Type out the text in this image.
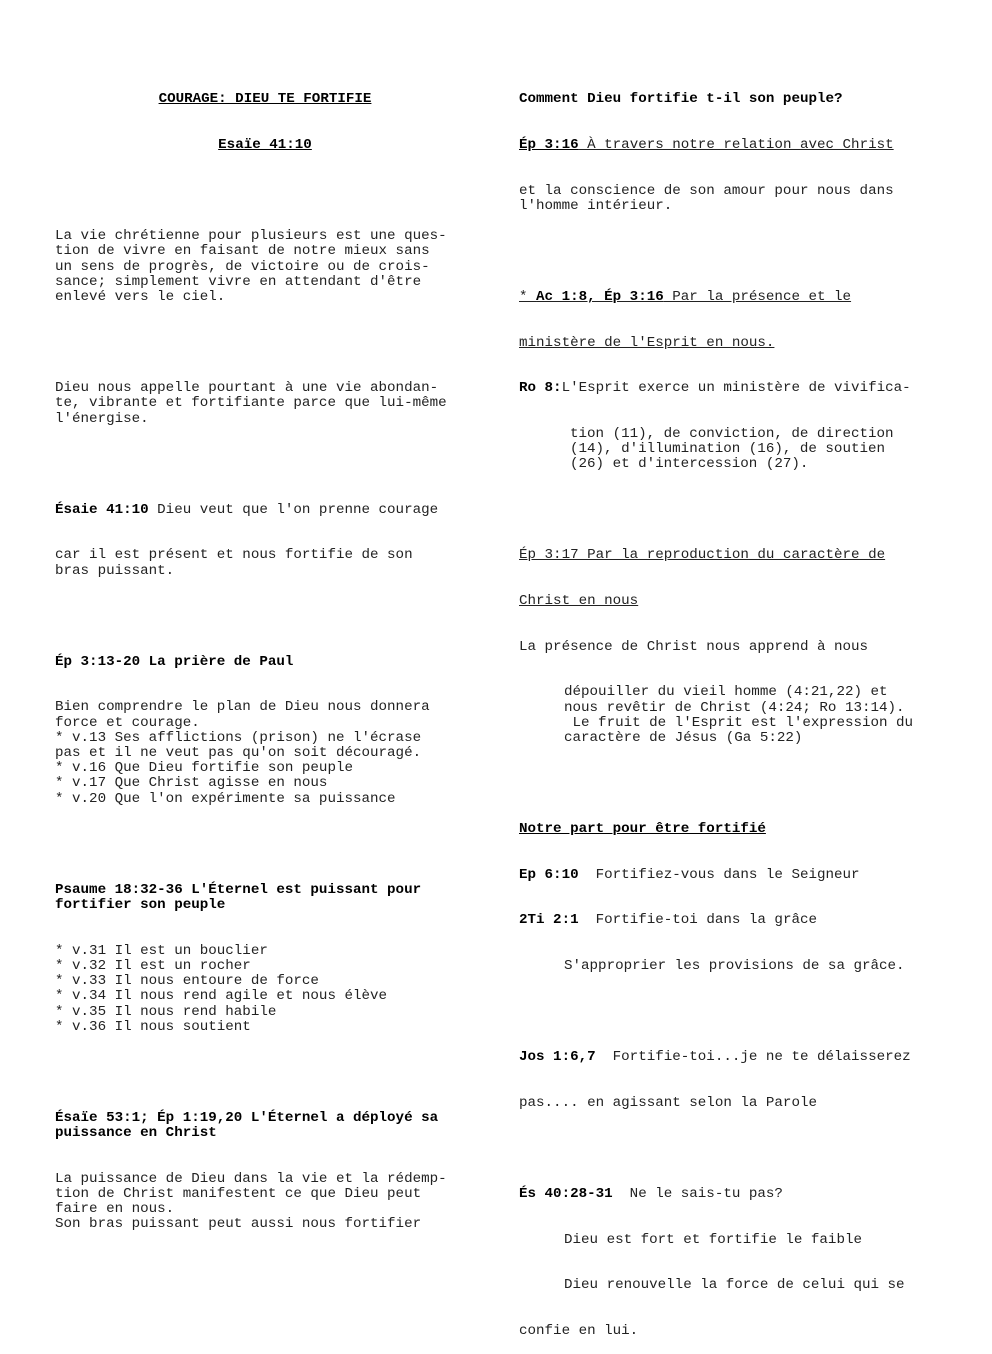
COURAGE: DIEU TE FORTIFIE

Esaïe 41:10

La vie chrétienne pour plusieurs est une ques-
tion de vivre en faisant de notre mieux sans
un sens de progrès, de victoire ou de crois-
sance; simplement vivre en attendant d'être
enlevé vers le ciel.

Dieu nous appelle pourtant à une vie abondan-
te, vibrante et fortifiante parce que lui-même
l'énergise.

Ésaie 41:10 Dieu veut que l'on prenne courage

car il est présent et nous fortifie de son
bras puissant.

Ép 3:13-20 La prière de Paul

Bien comprendre le plan de Dieu nous donnera
force et courage.
* v.13 Ses afflictions (prison) ne l'écrase
pas et il ne veut pas qu'on soit découragé.
* v.16 Que Dieu fortifie son peuple
* v.17 Que Christ agisse en nous
* v.20 Que l'on expérimente sa puissance

Psaume 18:32-36 L'Éternel est puissant pour
fortifier son peuple

* v.31 Il est un bouclier
* v.32 Il est un rocher
* v.33 Il nous entoure de force
* v.34 Il nous rend agile et nous élève
* v.35 Il nous rend habile
* v.36 Il nous soutient

Ésaïe 53:1; Ép 1:19,20 L'Éternel a déployé sa
puissance en Christ

La puissance de Dieu dans la vie et la rédemp-
tion de Christ manifestent ce que Dieu peut
faire en nous.
Son bras puissant peut aussi nous fortifier

Comment Dieu fortifie t-il son peuple?

Ép 3:16 À travers notre relation avec Christ

et la conscience de son amour pour nous dans
l'homme intérieur.

* Ac 1:8, Ép 3:16 Par la présence et le

ministère de l'Esprit en nous.

Ro 8:L'Esprit exerce un ministère de vivifica-

tion (11), de conviction, de direction
(14), d'illumination (16), de soutien
(26) et d'intercession (27).

Ép 3:17 Par la reproduction du caractère de

Christ en nous

La présence de Christ nous apprend à nous

dépouiller du vieil homme (4:21,22) et
nous revêtir de Christ (4:24; Ro 13:14).
Le fruit de l'Esprit est l'expression du
caractère de Jésus (Ga 5:22)

Notre part pour être fortifié

Ep 6:10  Fortifiez-vous dans le Seigneur

2Ti 2:1  Fortifie-toi dans la grâce

S'approprier les provisions de sa grâce.

Jos 1:6,7  Fortifie-toi...je ne te délaisserez

pas.... en agissant selon la Parole

És 40:28-31  Ne le sais-tu pas?

Dieu est fort et fortifie le faible

Dieu renouvelle la force de celui qui se

confie en lui.
